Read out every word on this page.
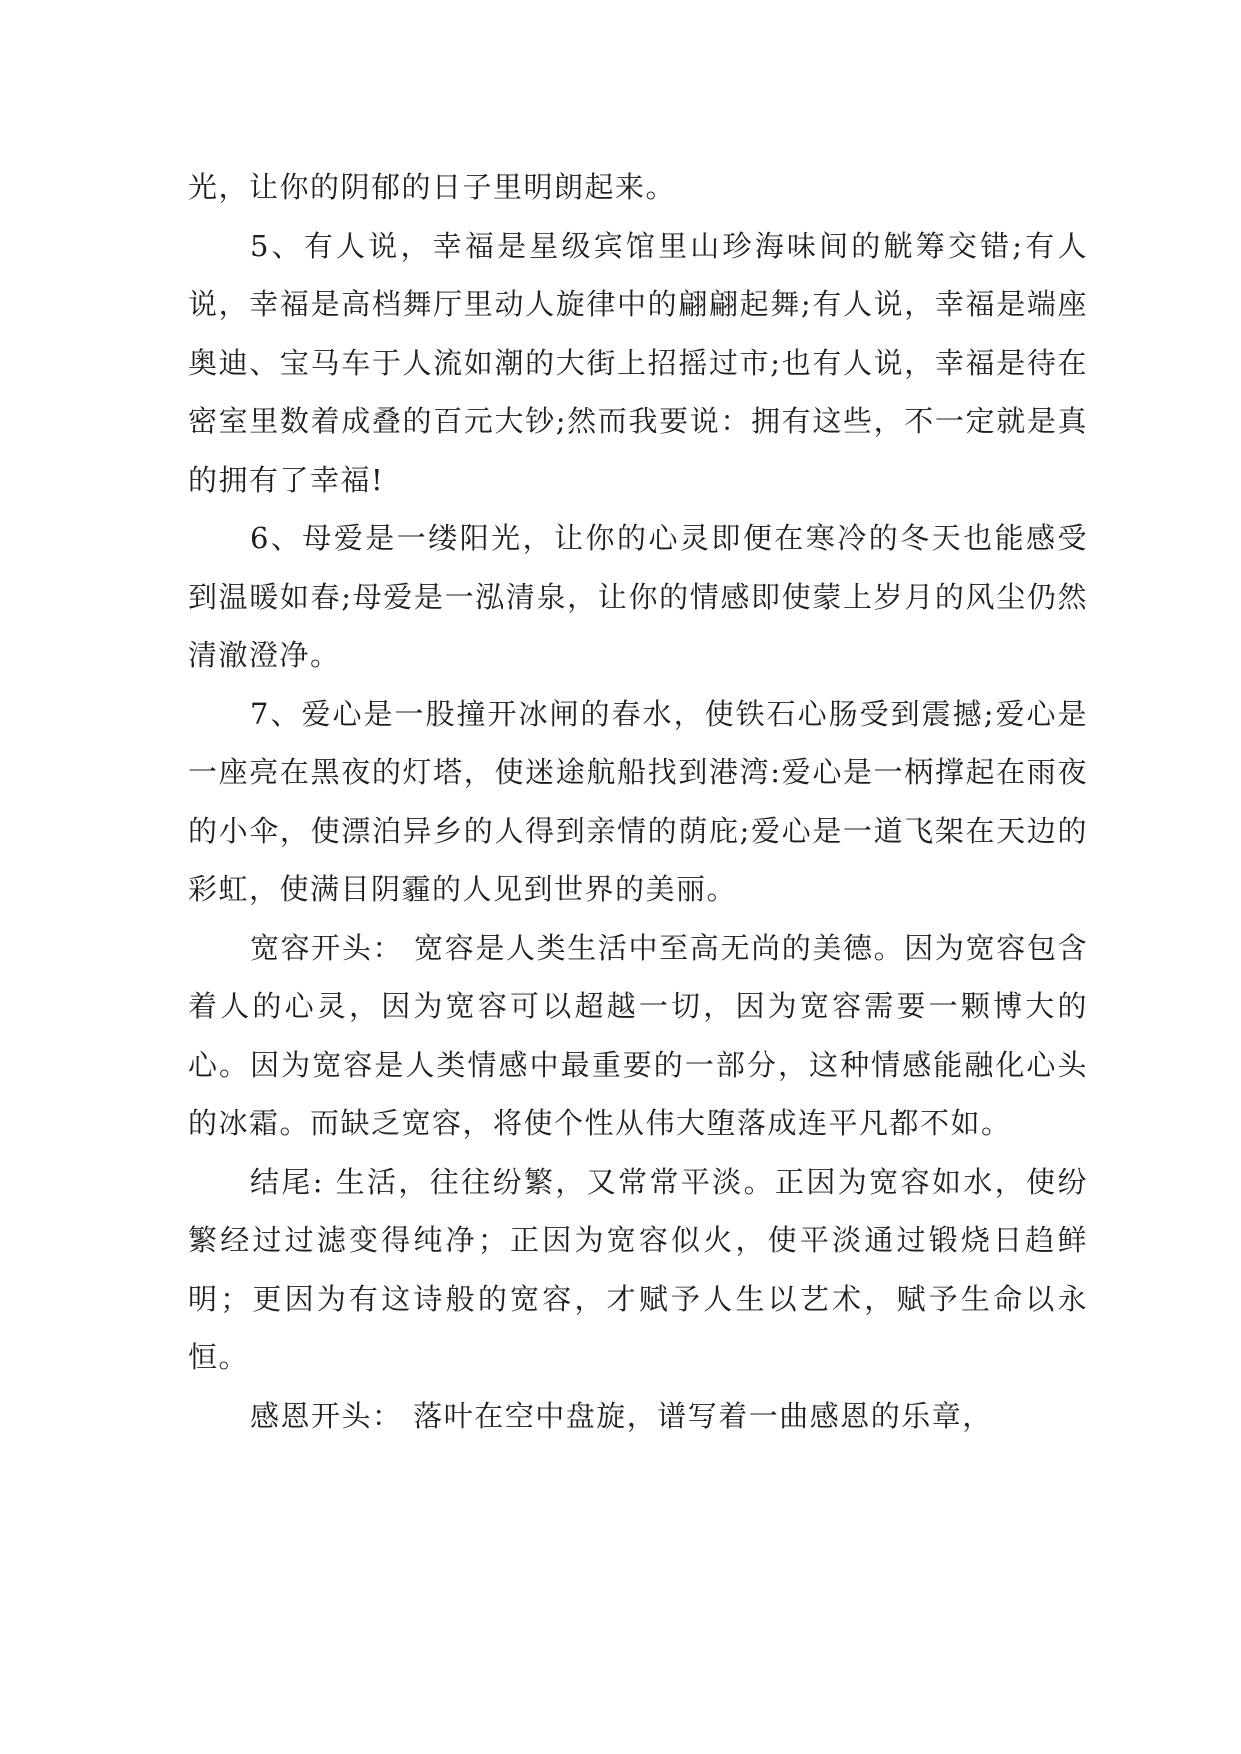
光，让你的阴郁的日子里明朗起来。

5、有人说，幸福是星级宾馆里山珍海味间的觥筹交错;有人说，幸福是高档舞厅里动人旋律中的翩翩起舞;有人说，幸福是端座奥迪、宝马车于人流如潮的大街上招摇过市;也有人说，幸福是待在密室里数着成叠的百元大钞;然而我要说：拥有这些，不一定就是真的拥有了幸福!

6、母爱是一缕阳光，让你的心灵即便在寒冷的冬天也能感受到温暖如春;母爱是一泓清泉，让你的情感即使蒙上岁月的风尘仍然清澈澄净。

7、爱心是一股撞开冰闸的春水，使铁石心肠受到震撼;爱心是一座亮在黑夜的灯塔，使迷途航船找到港湾:爱心是一柄撑起在雨夜的小伞，使漂泊异乡的人得到亲情的荫庇;爱心是一道飞架在天边的彩虹，使满目阴霾的人见到世界的美丽。

宽容开头： 宽容是人类生活中至高无尚的美德。因为宽容包含着人的心灵，因为宽容可以超越一切，因为宽容需要一颗博大的心。因为宽容是人类情感中最重要的一部分，这种情感能融化心头的冰霜。而缺乏宽容，将使个性从伟大堕落成连平凡都不如。

结尾: 生活，往往纷繁，又常常平淡。正因为宽容如水，使纷繁经过过滤变得纯净；正因为宽容似火，使平淡通过锻烧日趋鲜明；更因为有这诗般的宽容，才赋予人生以艺术，赋予生命以永恒。

感恩开头： 落叶在空中盘旋，谱写着一曲感恩的乐章，
